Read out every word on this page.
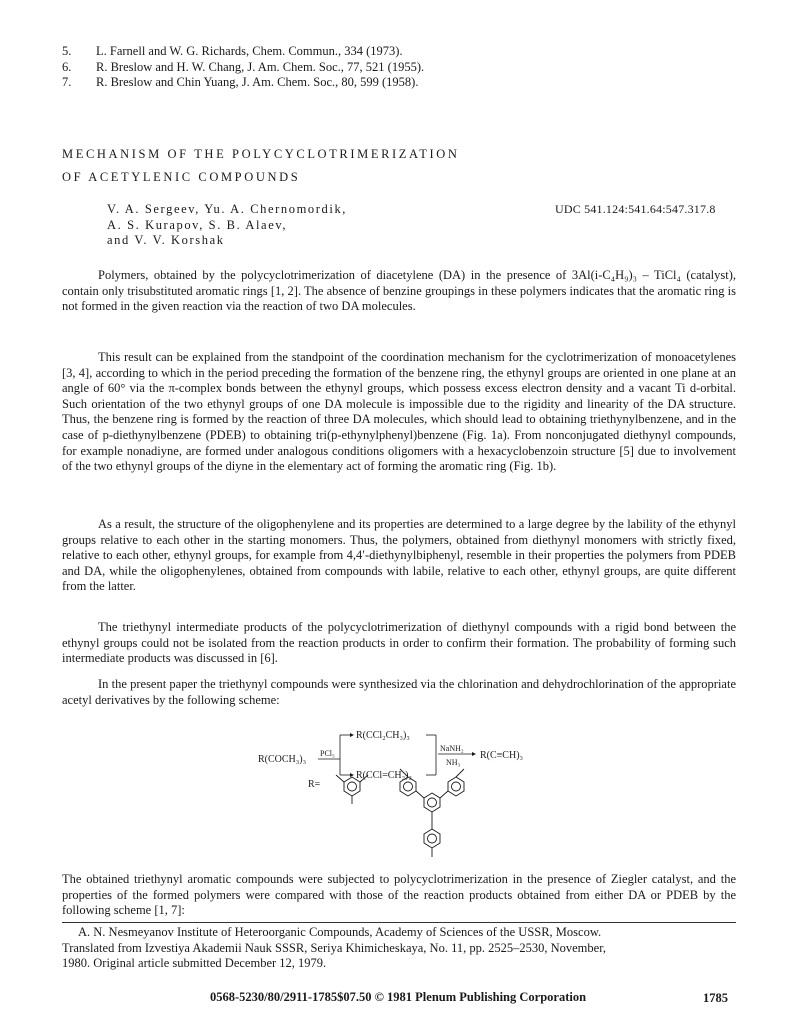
5.	L. Farnell and W. G. Richards, Chem. Commun., 334 (1973).
6.	R. Breslow and H. W. Chang, J. Am. Chem. Soc., 77, 521 (1955).
7.	R. Breslow and Chin Yuang, J. Am. Chem. Soc., 80, 599 (1958).
MECHANISM OF THE POLYCYCLOTRIMERIZATION
OF ACETYLENIC COMPOUNDS
V. A. Sergeev, Yu. A. Chernomordik,
A. S. Kurapov, S. B. Alaev,
and V. V. Korshak
UDC 541.124:541.64:547.317.8

Polymers, obtained by the polycyclotrimerization of diacetylene (DA) in the presence of 3Al(i-C₄H₉)₃ – TiCl₄ (catalyst), contain only trisubstituted aromatic rings [1, 2]. The absence of benzine groupings in these polymers indicates that the aromatic ring is not formed in the given reaction via the reaction of two DA molecules.

This result can be explained from the standpoint of the coordination mechanism for the cyclotrimerization of monoacetylenes [3, 4], according to which in the period preceding the formation of the benzene ring, the ethynyl groups are oriented in one plane at an angle of 60° via the π-complex bonds between the ethynyl groups, which possess excess electron density and a vacant Ti d-orbital. Such orientation of the two ethynyl groups of one DA molecule is impossible due to the rigidity and linearity of the DA structure. Thus, the benzene ring is formed by the reaction of three DA molecules, which should lead to obtaining triethynylbenzene, and in the case of p-diethynylbenzene (PDEB) to obtaining tri(p-ethynylphenyl)benzene (Fig. 1a). From nonconjugated diethynyl compounds, for example nonadiyne, are formed under analogous conditions oligomers with a hexacyclobenzoin structure [5] due to involvement of the two ethynyl groups of the diyne in the elementary act of forming the aromatic ring (Fig. 1b).

As a result, the structure of the oligophenylene and its properties are determined to a large degree by the lability of the ethynyl groups relative to each other in the starting monomers. Thus, the polymers, obtained from diethynyl monomers with strictly fixed, relative to each other, ethynyl groups, for example from 4,4′-diethynylbiphenyl, resemble in their properties the polymers from PDEB and DA, while the oligophenylenes, obtained from compounds with labile, relative to each other, ethynyl groups, are quite different from the latter.

The triethynyl intermediate products of the polycyclotrimerization of diethynyl compounds with a rigid bond between the ethynyl groups could not be isolated from the reaction products in order to confirm their formation. The probability of forming such intermediate products was discussed in [6].

In the present paper the triethynyl compounds were synthesized via the chlorination and dehydrochlorination of the appropriate acetyl derivatives by the following scheme:

R(COCH₃)₃
PCl₅
R(CCl₂CH₃)₃
R(CCl=CH₂)₃
NaNH₂
NH₃
R(C≡CH)₃
R=

The obtained triethynyl aromatic compounds were subjected to polycyclotrimerization in the presence of Ziegler catalyst, and the properties of the formed polymers were compared with those of the reaction products obtained from either DA or PDEB by the following scheme [1, 7]:

A. N. Nesmeyanov Institute of Heteroorganic Compounds, Academy of Sciences of the USSR, Moscow.
Translated from Izvestiya Akademii Nauk SSSR, Seriya Khimicheskaya, No. 11, pp. 2525–2530, November,
1980. Original article submitted December 12, 1979.
0568-5230/80/2911-1785$07.50 © 1981 Plenum Publishing Corporation	1785
